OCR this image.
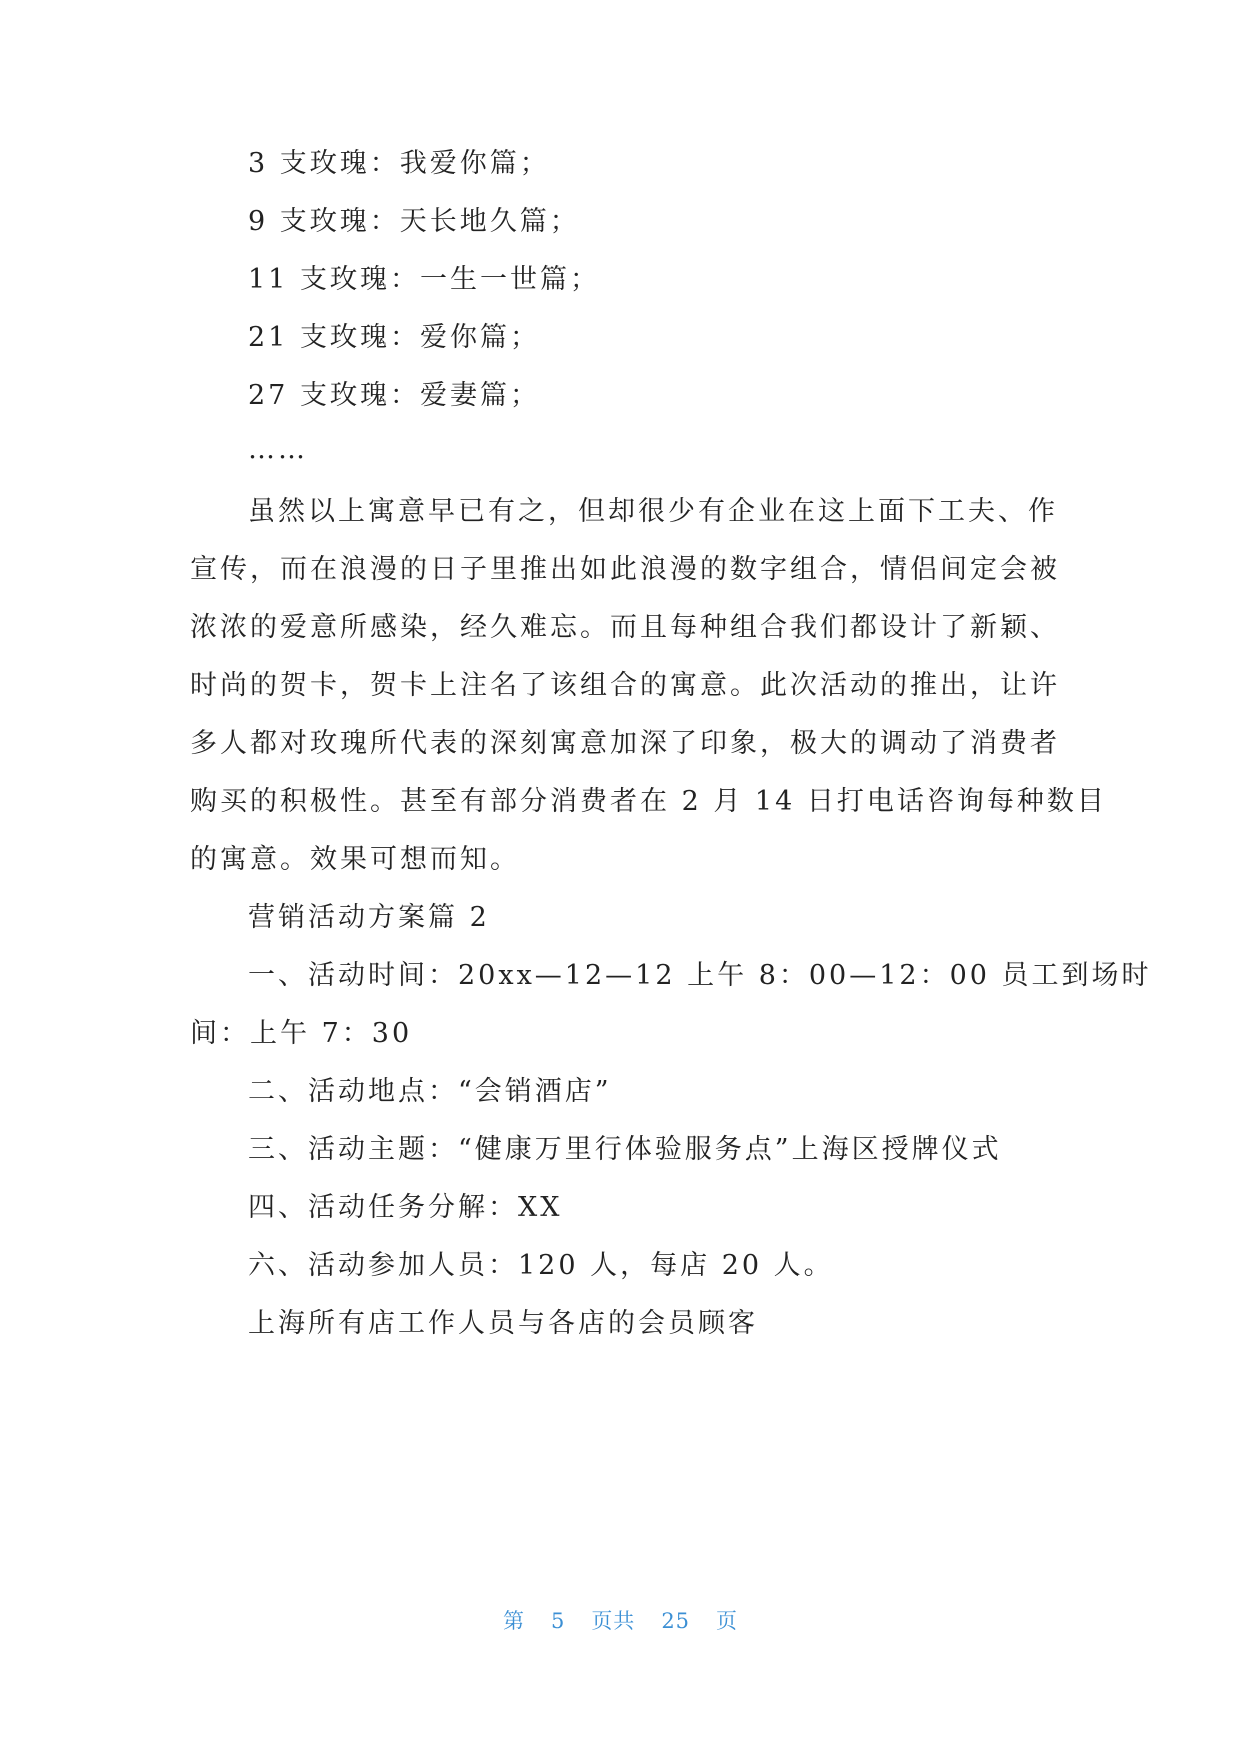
3 支玫瑰：我爱你篇；
9 支玫瑰：天长地久篇；
11 支玫瑰：一生一世篇；
21 支玫瑰：爱你篇；
27 支玫瑰：爱妻篇；
……
虽然以上寓意早已有之，但却很少有企业在这上面下工夫、作
宣传，而在浪漫的日子里推出如此浪漫的数字组合，情侣间定会被
浓浓的爱意所感染，经久难忘。而且每种组合我们都设计了新颖、
时尚的贺卡，贺卡上注名了该组合的寓意。此次活动的推出，让许
多人都对玫瑰所代表的深刻寓意加深了印象，极大的调动了消费者
购买的积极性。甚至有部分消费者在 2 月 14 日打电话咨询每种数目
的寓意。效果可想而知。
营销活动方案篇 2
一、活动时间：20xx—12—12 上午 8：00—12：00 员工到场时
间：上午 7：30
二、活动地点：“会销酒店”
三、活动主题：“健康万里行体验服务点”上海区授牌仪式
四、活动任务分解：XX
六、活动参加人员：120 人，每店 20 人。
上海所有店工作人员与各店的会员顾客
第 5 页共 25 页
